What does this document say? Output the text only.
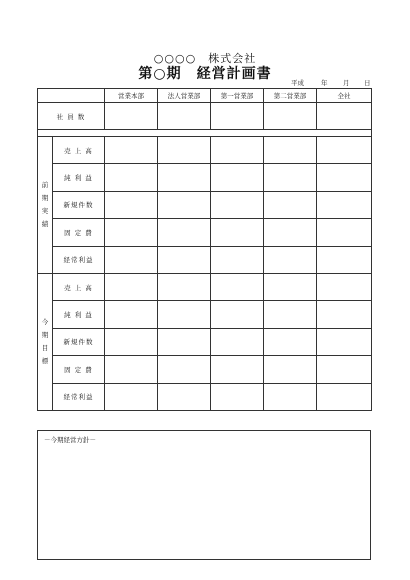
○○○○　株式会社
第○期　経営計画書
平成	年 月 日
		営業本部	法人営業部	第一営業部	第二営業部	全社
社 員 数						

前
期
実
績	売 上 高					
	純 利 益					
	新規件数					
	固 定 費					
	経常利益					
今
期
目
標	売 上 高					
	純 利 益					
	新規件数					
	固 定 費					
	経常利益					
－今期経営方針－
